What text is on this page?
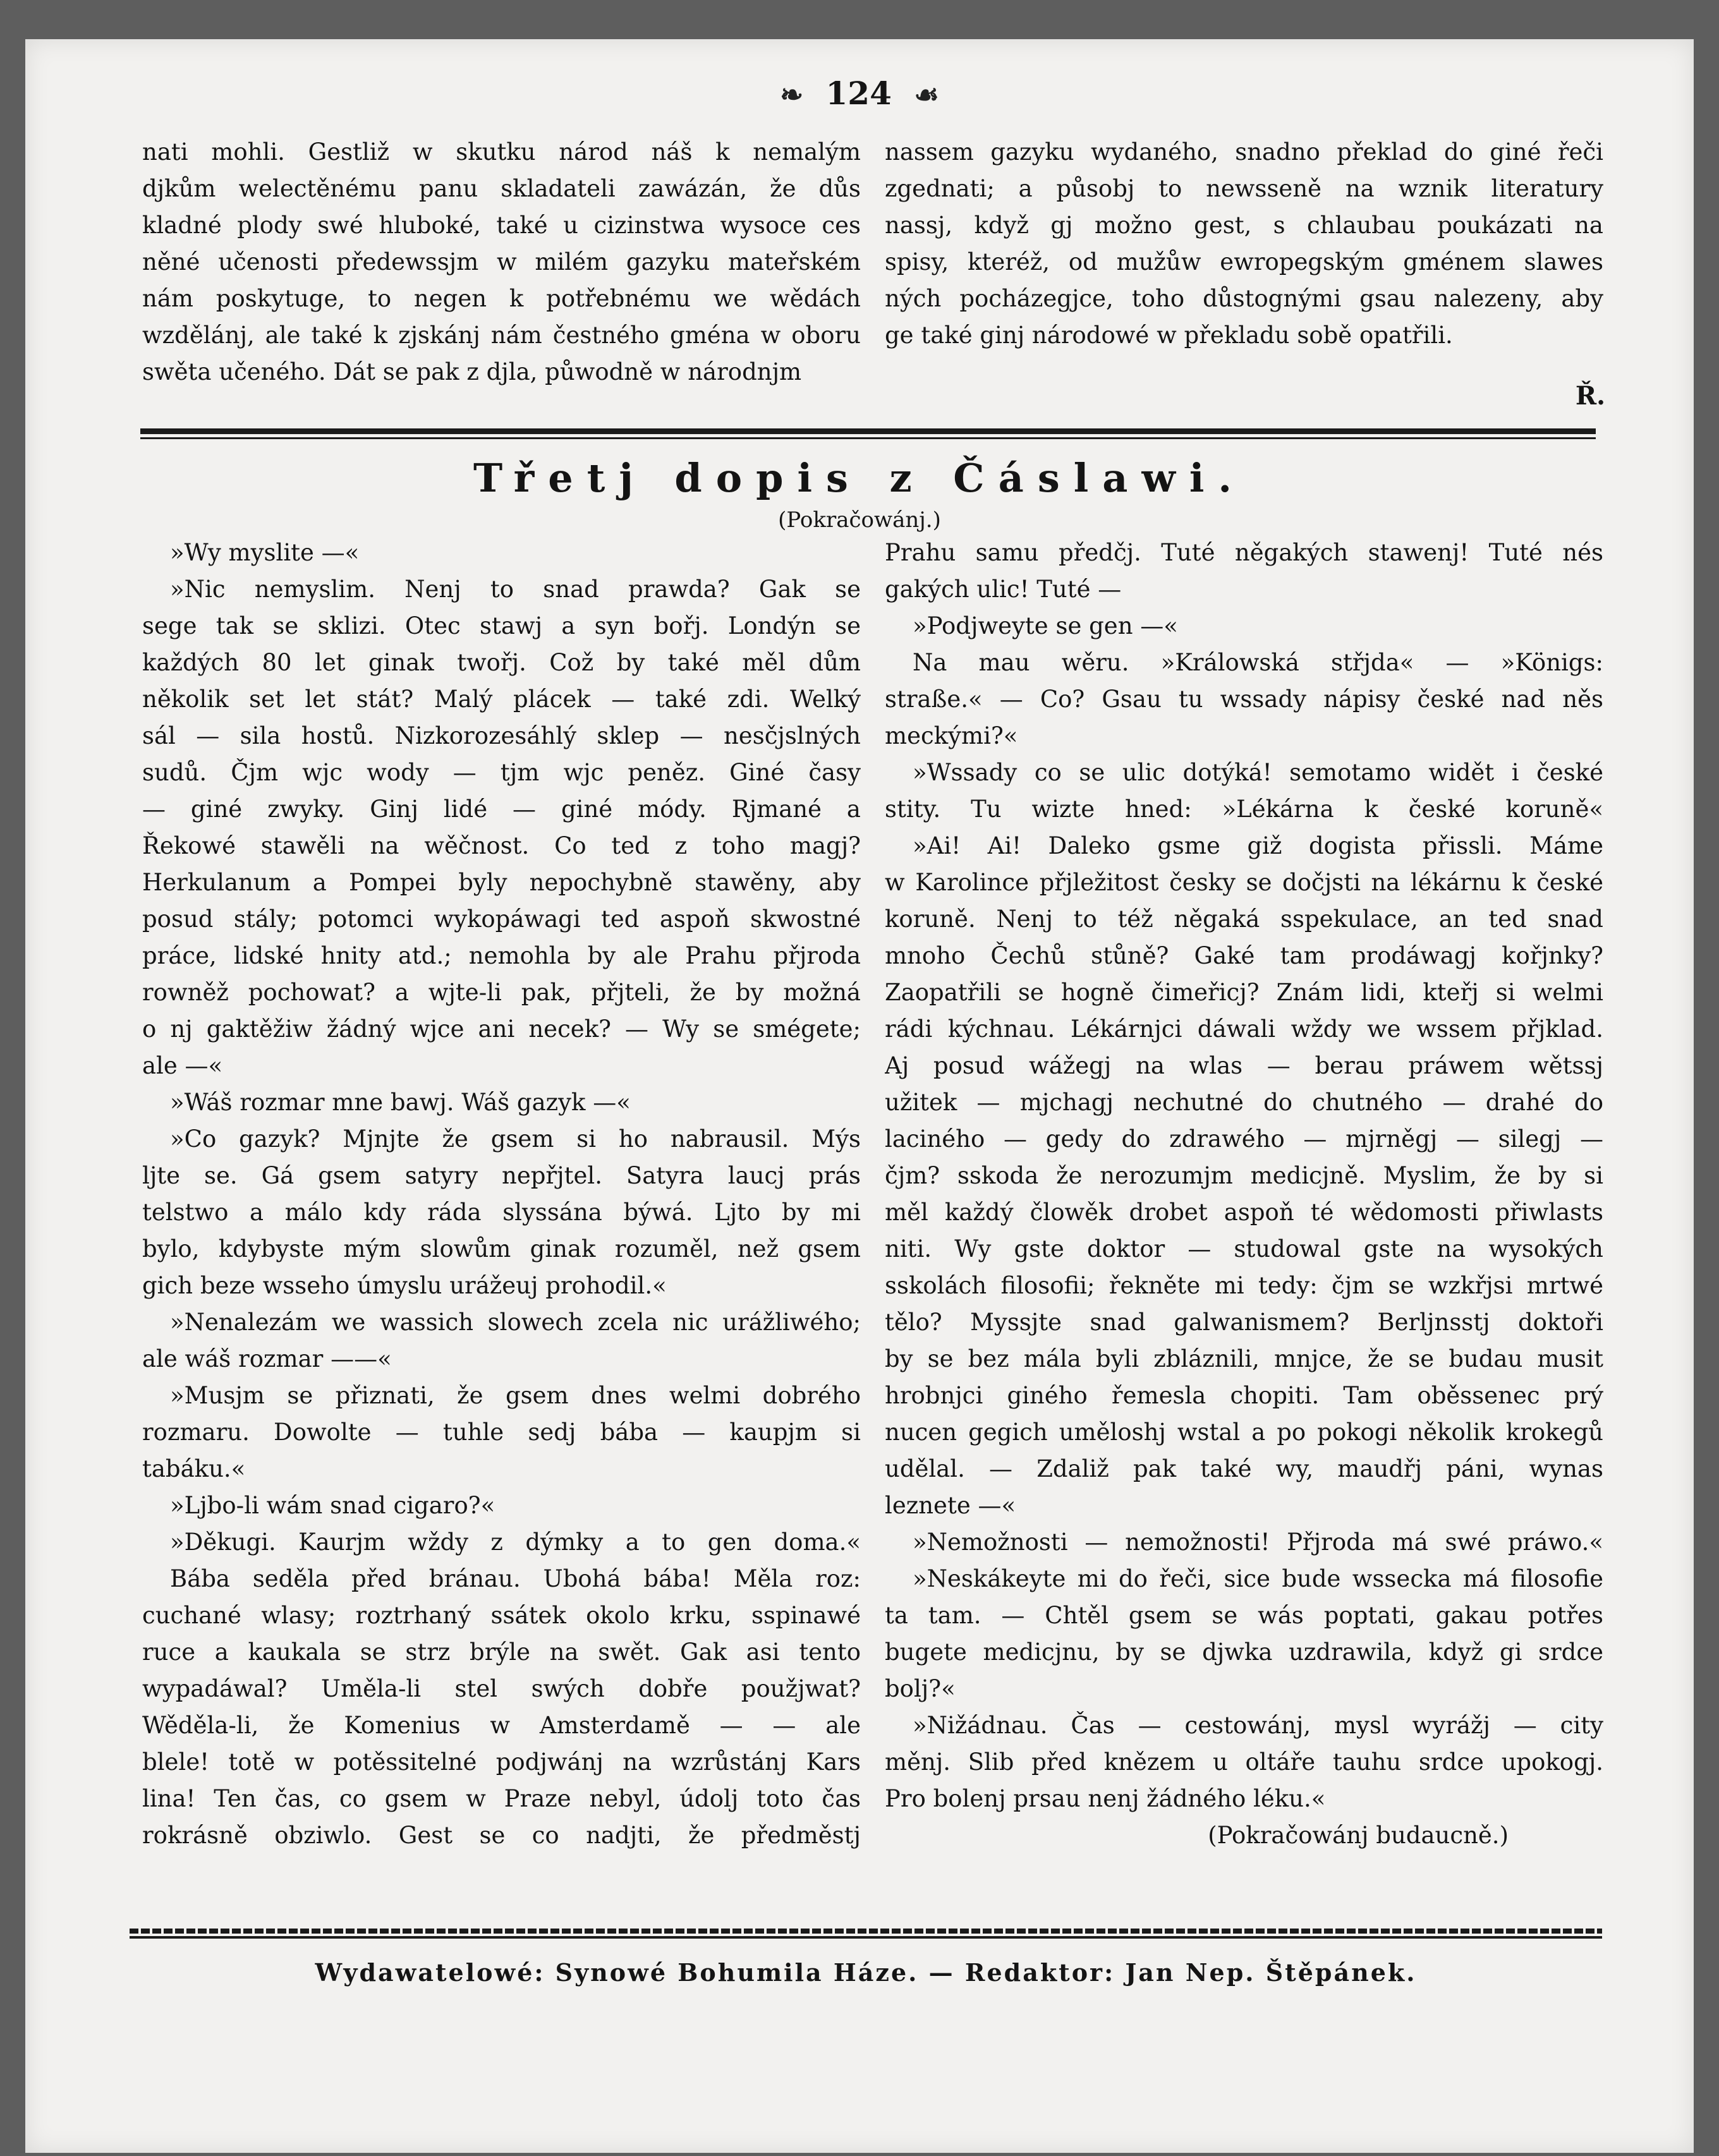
❧ 124 ☙
nati mohli. Gestliž w skutku národ náš k nemalým
djkům welectěnému panu skladateli zawázán, že důs
kladné plody swé hluboké, také u cizinstwa wysoce ces
něné učenosti předewssjm w milém gazyku mateřském
nám poskytuge, to negen k potřebnému we wědách
wzdělánj, ale také k zjskánj nám čestného gména w oboru
swěta učeného. Dát se pak z djla, půwodně w národnjm
nassem gazyku wydaného, snadno překlad do giné řeči
zgednati; a působj to newsseně na wznik literatury
nassj, když gj možno gest, s chlaubau poukázati na
spisy, kteréž, od mužůw ewropegským gménem slawes
ných pocházegjce, toho důstognými gsau nalezeny, aby
ge také ginj národowé w překladu sobě opatřili.
Ř.
Třetj dopis z Čáslawi.
(Pokračowánj.)
»Wy myslite —«
»Nic nemyslim. Nenj to snad prawda? Gak se
sege tak se sklizi. Otec stawj a syn bořj. Londýn se
každých 80 let ginak twořj. Což by také měl dům
několik set let stát? Malý plácek — také zdi. Welký
sál — sila hostů. Nizkorozesáhlý sklep — nesčjslných
sudů. Čjm wjc wody — tjm wjc peněz. Giné časy
— giné zwyky. Ginj lidé — giné módy. Rjmané a
Řekowé stawěli na wěčnost. Co ted z toho magj?
Herkulanum a Pompei byly nepochybně stawěny, aby
posud stály; potomci wykopáwagi ted aspoň skwostné
práce, lidské hnity atd.; nemohla by ale Prahu přjroda
rowněž pochowat? a wjte-li pak, přjteli, že by možná
o nj gaktěžiw žádný wjce ani necek? — Wy se smégete;
ale —«
»Wáš rozmar mne bawj. Wáš gazyk —«
»Co gazyk? Mjnjte že gsem si ho nabrausil. Mýs
ljte se. Gá gsem satyry nepřjtel. Satyra laucj prás
telstwo a málo kdy ráda slyssána býwá. Ljto by mi
bylo, kdybyste mým slowům ginak rozuměl, než gsem
gich beze wsseho úmyslu urážeuj prohodil.«
»Nenalezám we wassich slowech zcela nic urážliwého;
ale wáš rozmar ——«
»Musjm se přiznati, že gsem dnes welmi dobrého
rozmaru. Dowolte — tuhle sedj bába — kaupjm si
tabáku.«
»Ljbo-li wám snad cigaro?«
»Děkugi. Kaurjm wždy z dýmky a to gen doma.«
Bába seděla před bránau. Ubohá bába! Měla roz:
cuchané wlasy; roztrhaný ssátek okolo krku, sspinawé
ruce a kaukala se strz brýle na swět. Gak asi tento
wypadáwal? Uměla-li stel swých dobře použjwat?
Wěděla-li, že Komenius w Amsterdamě — — ale
blele! totě w potěssitelné podjwánj na wzrůstánj Kars
lina! Ten čas, co gsem w Praze nebyl, údolj toto čas
rokrásně obziwlo. Gest se co nadjti, že předměstj
Prahu samu předčj. Tuté něgakých stawenj! Tuté nés
gakých ulic! Tuté —
»Podjweyte se gen —«
Na mau wěru. »Králowská střjda« — »Königs:
straße.« — Co? Gsau tu wssady nápisy české nad něs
meckými?«
»Wssady co se ulic dotýká! semotamo widět i české
stity. Tu wizte hned: »Lékárna k české koruně«
»Ai! Ai! Daleko gsme giž dogista přissli. Máme
w Karolince přjležitost česky se dočjsti na lékárnu k české
koruně. Nenj to též něgaká sspekulace, an ted snad
mnoho Čechů stůně? Gaké tam prodáwagj kořjnky?
Zaopatřili se hogně čimeřicj? Znám lidi, kteřj si welmi
rádi kýchnau. Lékárnjci dáwali wždy we wssem přjklad.
Aj posud wážegj na wlas — berau práwem wětssj
užitek — mjchagj nechutné do chutného — drahé do
laciného — gedy do zdrawého — mjrněgj — silegj —
čjm? sskoda že nerozumjm medicjně. Myslim, že by si
měl každý člowěk drobet aspoň té wědomosti přiwlasts
niti. Wy gste doktor — studowal gste na wysokých
sskolách filosofii; řekněte mi tedy: čjm se wzkřjsi mrtwé
tělo? Myssjte snad galwanismem? Berljnsstj doktoři
by se bez mála byli zbláznili, mnjce, že se budau musit
hrobnjci giného řemesla chopiti. Tam oběssenec prý
nucen gegich uměloshj wstal a po pokogi několik krokegů
udělal. — Zdaliž pak také wy, maudřj páni, wynas
leznete —«
»Nemožnosti — nemožnosti! Přjroda má swé práwo.«
»Neskákeyte mi do řeči, sice bude wssecka má filosofie
ta tam. — Chtěl gsem se wás poptati, gakau potřes
bugete medicjnu, by se djwka uzdrawila, když gi srdce
bolj?«
»Nižádnau. Čas — cestowánj, mysl wyrážj — city
měnj. Slib před knězem u oltáře tauhu srdce upokogj.
Pro bolenj prsau nenj žádného léku.«
(Pokračowánj budaucně.)
Wydawatelowé: Synowé Bohumila Háze. — Redaktor: Jan Nep. Štěpánek.
